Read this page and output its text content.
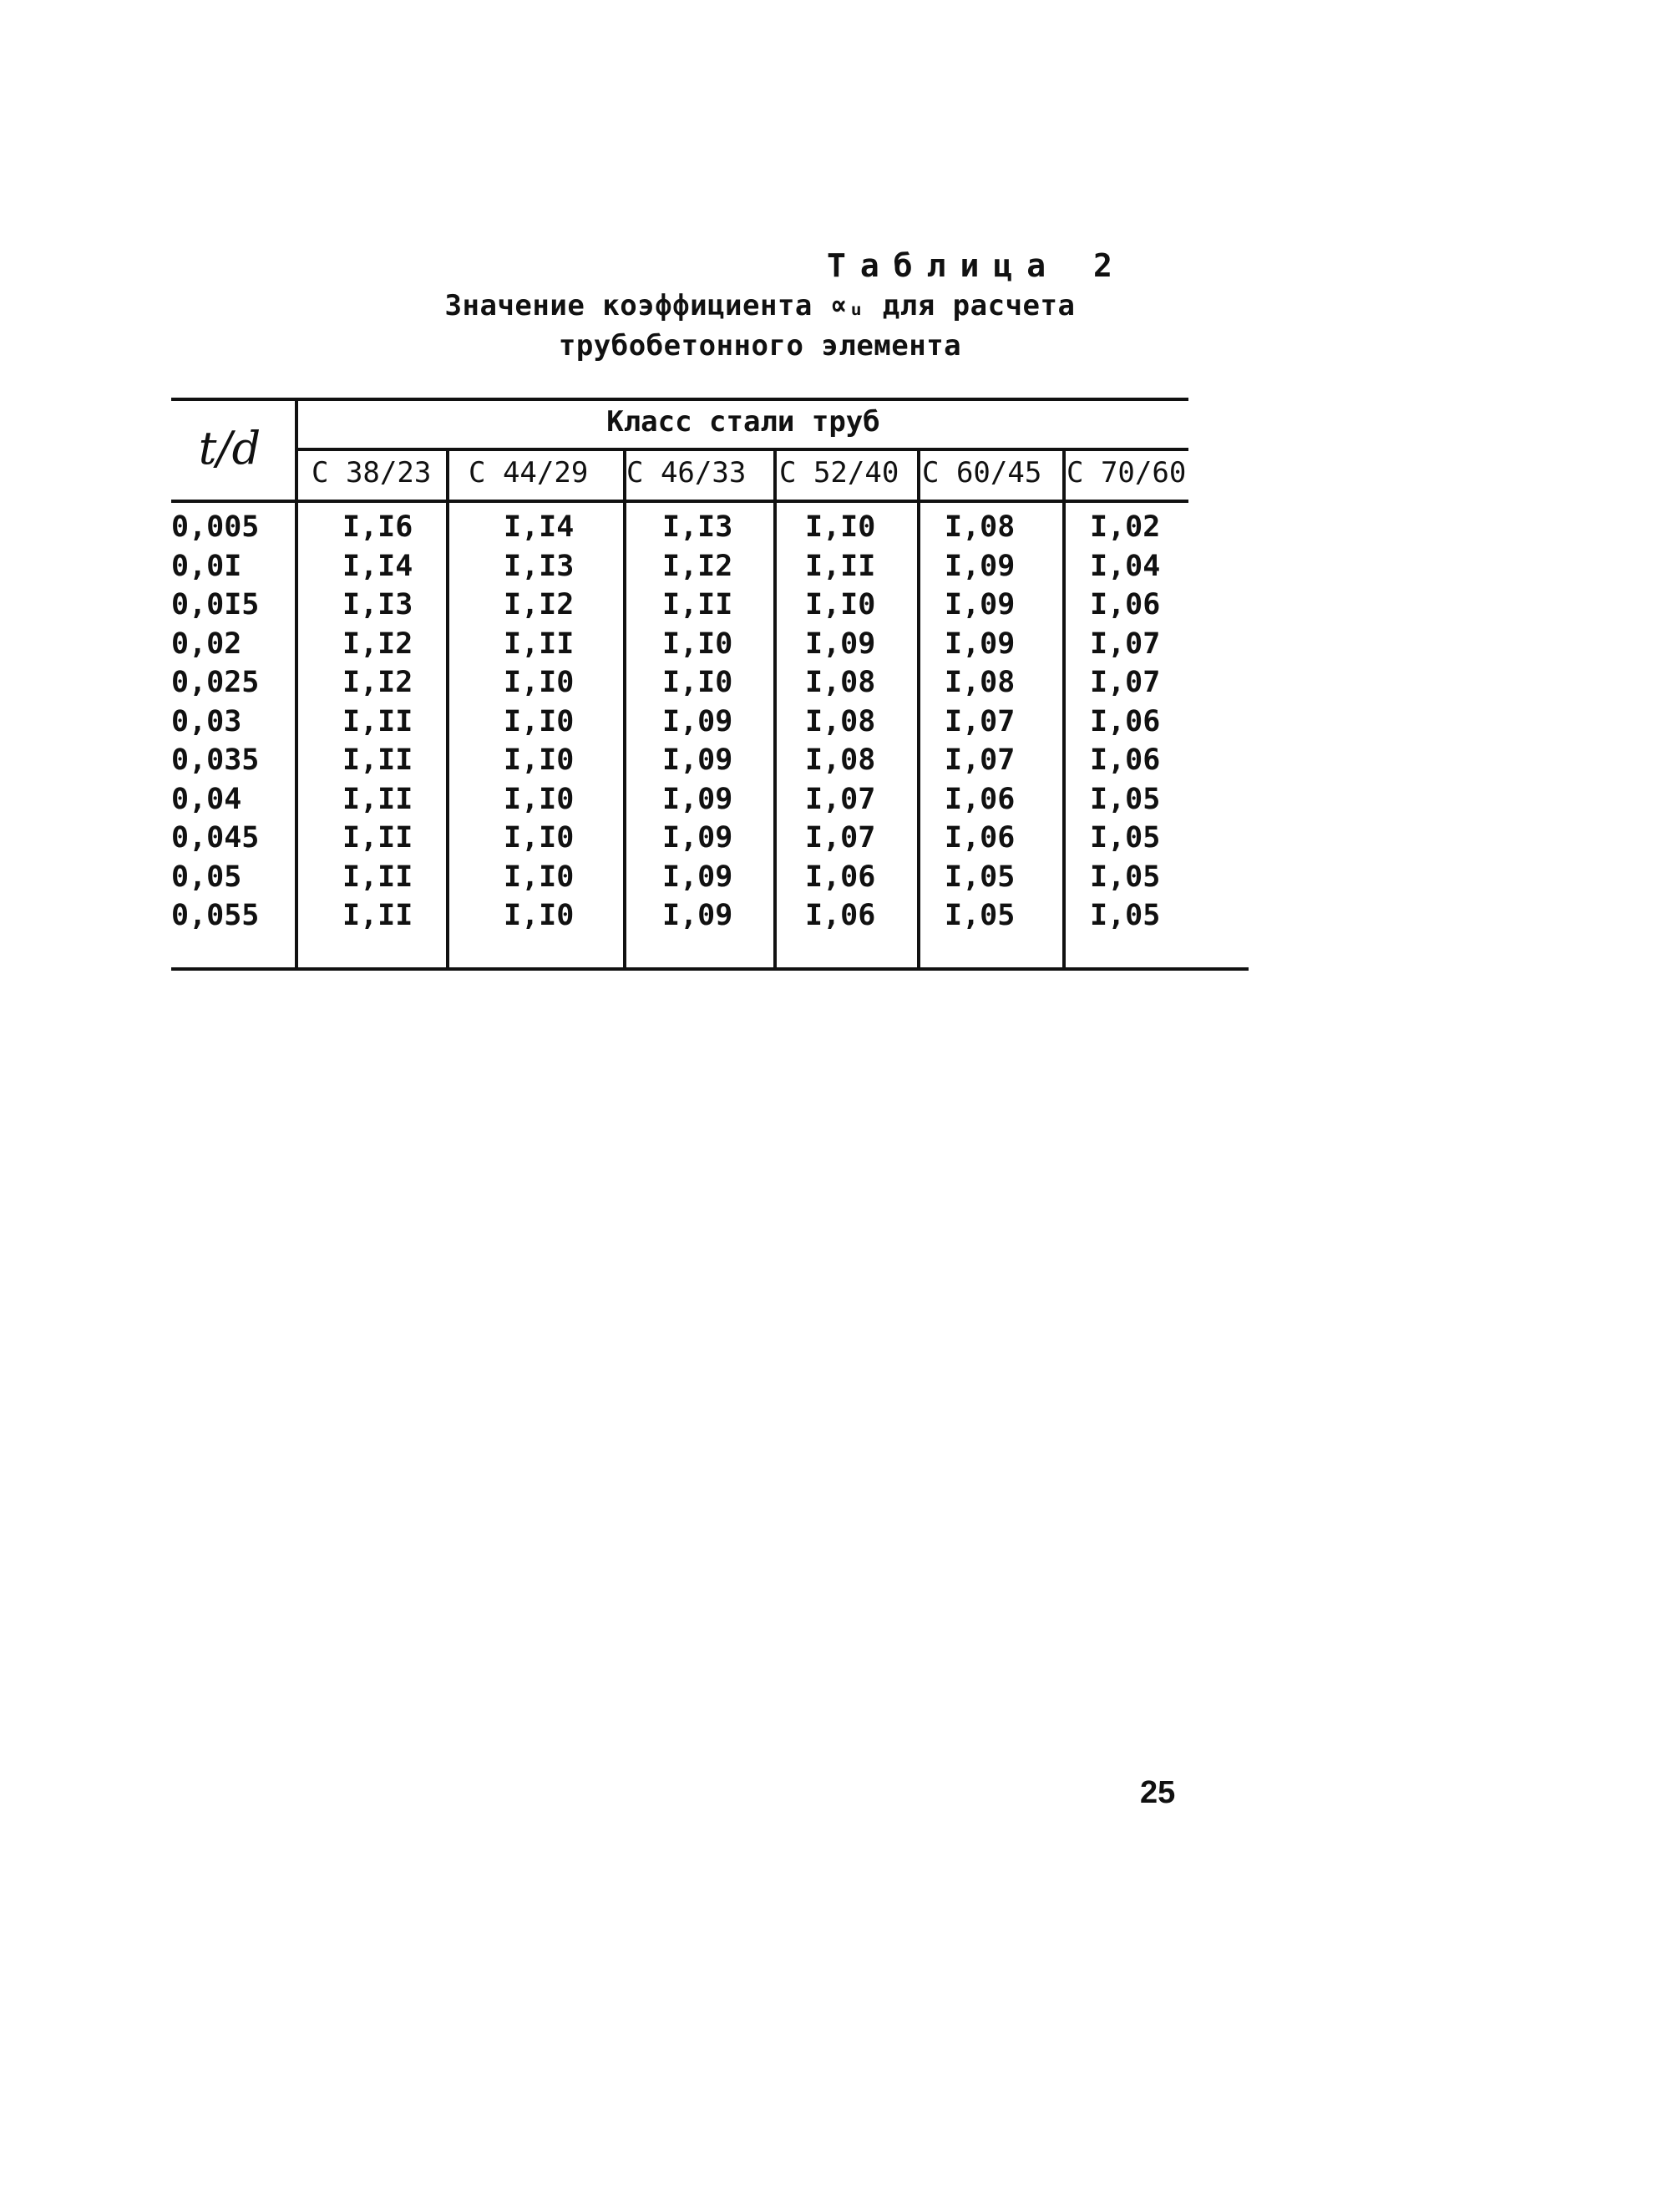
Таблица 2
Значение коэффициента ∝ᵤ для расчета
трубобетонного элемента
t/d	Класс стали труб
С 38/23 С 44/29 С 46/33 С 52/40 С 60/45 С 70/60
0,005	I,I6	I,I4	I,I3 I,I0 I,08	I,02
0,0I	I,I4	I,I3	I,I2 I,II I,09	I,04
0,0I5	I,I3	I,I2	I,II I,I0 I,09	I,06
0,02	I,I2	I,II	I,I0 I,09 I,09	I,07
0,025	I,I2	I,I0	I,I0 I,08 I,08	I,07
0,03	I,II	I,I0	I,09 I,08 I,07	I,06
0,035	I,II	I,I0	I,09 I,08 I,07	I,06
0,04	I,II	I,I0	I,09 I,07 I,06	I,05
0,045	I,II	I,I0	I,09 I,07 I,06	I,05
0,05	I,II	I,I0	I,09 I,06 I,05	I,05
0,055	I,II	I,I0	I,09 I,06 I,05	I,05
25
